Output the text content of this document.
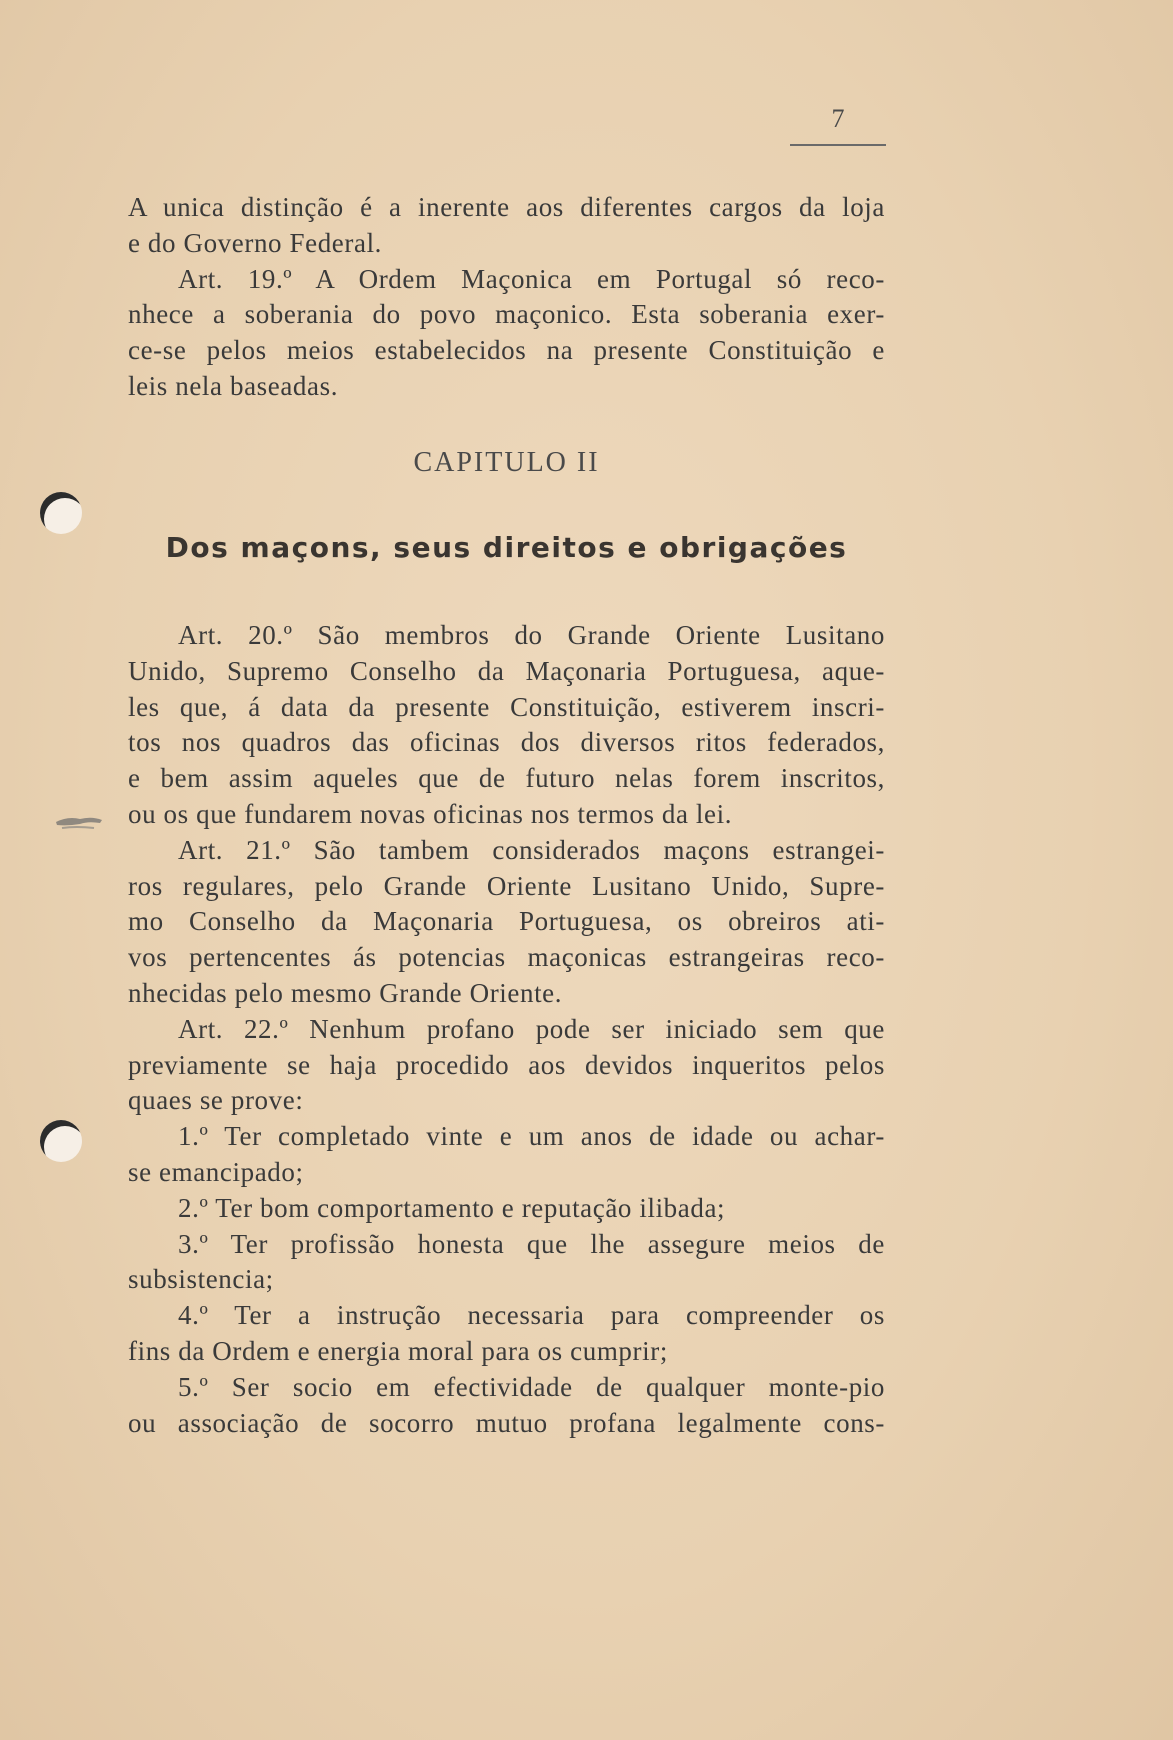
7
A unica distinção é a inerente aos diferentes cargos da loja
e do Governo Federal.
Art. 19.º A Ordem Maçonica em Portugal só reco-
nhece a soberania do povo maçonico. Esta soberania exer-
ce-se pelos meios estabelecidos na presente Constituição e
leis nela baseadas.
CAPITULO II
Dos maçons, seus direitos e obrigações
Art. 20.º São membros do Grande Oriente Lusitano
Unido, Supremo Conselho da Maçonaria Portuguesa, aque-
les que, á data da presente Constituição, estiverem inscri-
tos nos quadros das oficinas dos diversos ritos federados,
e bem assim aqueles que de futuro nelas forem inscritos,
ou os que fundarem novas oficinas nos termos da lei.
Art. 21.º São tambem considerados maçons estrangei-
ros regulares, pelo Grande Oriente Lusitano Unido, Supre-
mo Conselho da Maçonaria Portuguesa, os obreiros ati-
vos pertencentes ás potencias maçonicas estrangeiras reco-
nhecidas pelo mesmo Grande Oriente.
Art. 22.º Nenhum profano pode ser iniciado sem que
previamente se haja procedido aos devidos inqueritos pelos
quaes se prove:
1.º Ter completado vinte e um anos de idade ou achar-
se emancipado;
2.º Ter bom comportamento e reputação ilibada;
3.º Ter profissão honesta que lhe assegure meios de
subsistencia;
4.º Ter a instrução necessaria para compreender os
fins da Ordem e energia moral para os cumprir;
5.º Ser socio em efectividade de qualquer monte-pio
ou associação de socorro mutuo profana legalmente cons-
